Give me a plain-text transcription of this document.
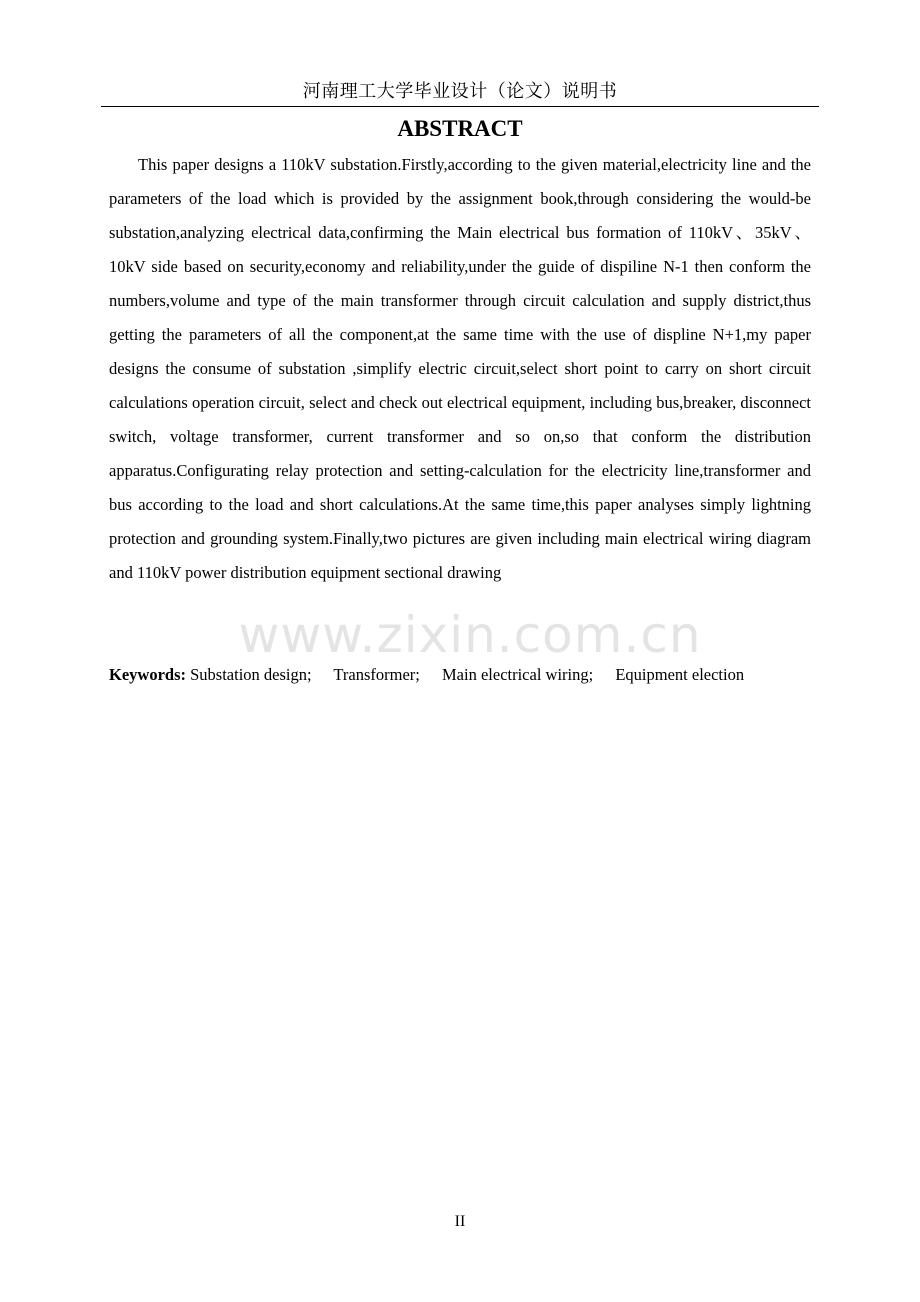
河南理工大学毕业设计（论文）说明书
ABSTRACT

This paper designs a 110kV substation.Firstly,according to the given material,electricity line and the parameters of the load which is provided by the assignment book,through considering the would-be substation,analyzing electrical data,confirming the Main electrical bus formation of 110kV、35kV、10kV side based on security,economy and reliability,under the guide of dispiline N-1 then conform the numbers,volume and type of the main transformer through circuit calculation and supply district,thus getting the parameters of all the component,at the same time with the use of displine N+1,my paper designs the consume of substation ,simplify electric circuit,select short point to carry on short circuit calculations operation circuit, select and check out electrical equipment, including bus,breaker, disconnect switch, voltage transformer, current transformer and so on,so that conform the distribution apparatus.Configurating relay protection and setting-calculation for the electricity line,transformer and bus according to the load and short calculations.At the same time,this paper analyses simply lightning protection and grounding system.Finally,two pictures are given including main electrical wiring diagram and 110kV power distribution equipment sectional drawing

Keywords: Substation design; Transformer; Main electrical wiring; Equipment election
www.zixin.com.cn
II
